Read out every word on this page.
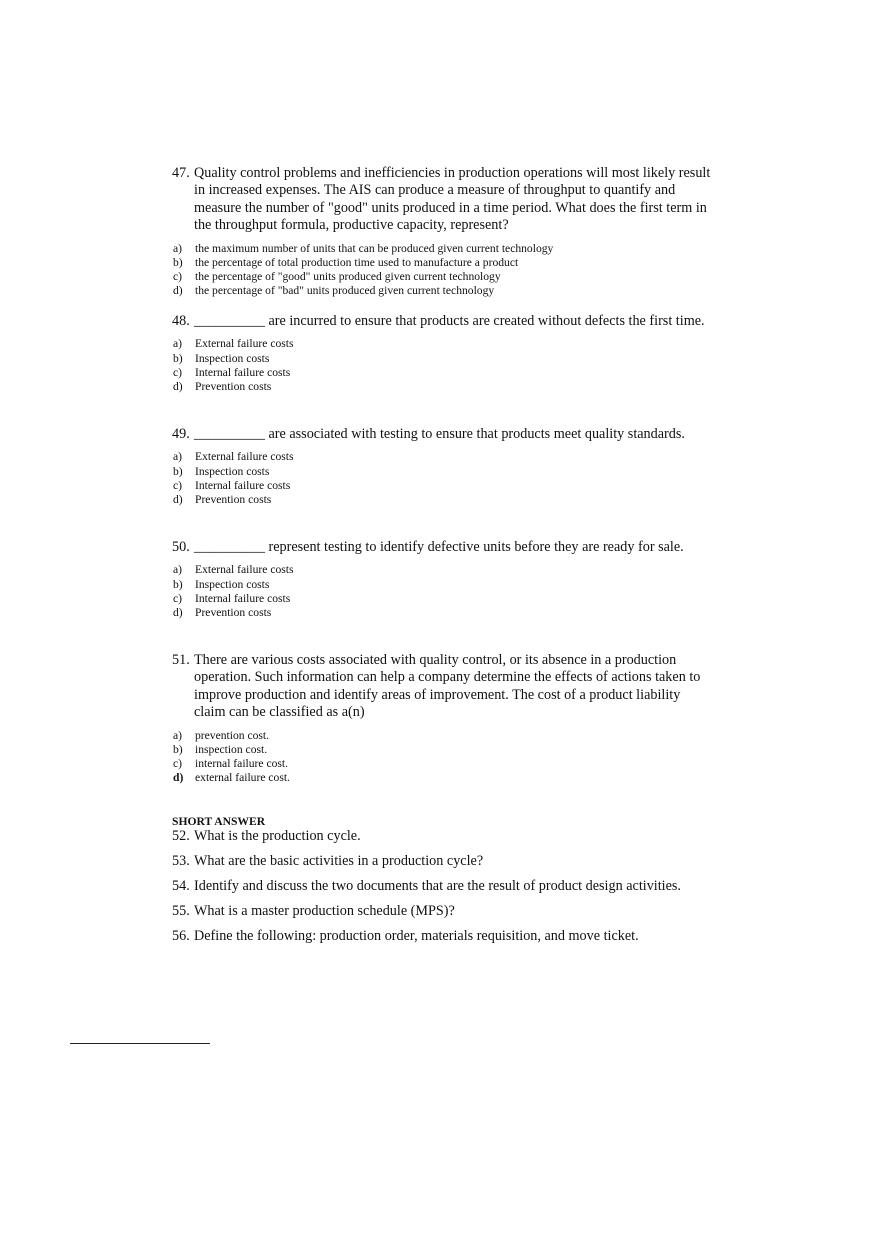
47. Quality control problems and inefficiencies in production operations will most likely result in increased expenses. The AIS can produce a measure of throughput to quantify and measure the number of "good" units produced in a time period. What does the first term in the throughput formula, productive capacity, represent?
a)	the maximum number of units that can be produced given current technology
b)	the percentage of total production time used to manufacture a product
c)	the percentage of "good" units produced given current technology
d)	the percentage of "bad" units produced given current technology
48. __________ are incurred to ensure that products are created without defects the first time.
a)	External failure costs
b)	Inspection costs
c)	Internal failure costs
d)	Prevention costs
49. __________ are associated with testing to ensure that products meet quality standards.
a)	External failure costs
b)	Inspection costs
c)	Internal failure costs
d)	Prevention costs
50. __________ represent testing to identify defective units before they are ready for sale.
a)	External failure costs
b)	Inspection costs
c)	Internal failure costs
d)	Prevention costs
51. There are various costs associated with quality control, or its absence in a production operation. Such information can help a company determine the effects of actions taken to improve production and identify areas of improvement. The cost of a product liability claim can be classified as a(n)
a)	prevention cost.
b)	inspection cost.
c)	internal failure cost.
d)	external failure cost.
SHORT ANSWER
52. What is the production cycle.
53. What are the basic activities in a production cycle?
54. Identify and discuss the two documents that are the result of product design activities.
55. What is a master production schedule (MPS)?
56. Define the following: production order, materials requisition, and move ticket.
